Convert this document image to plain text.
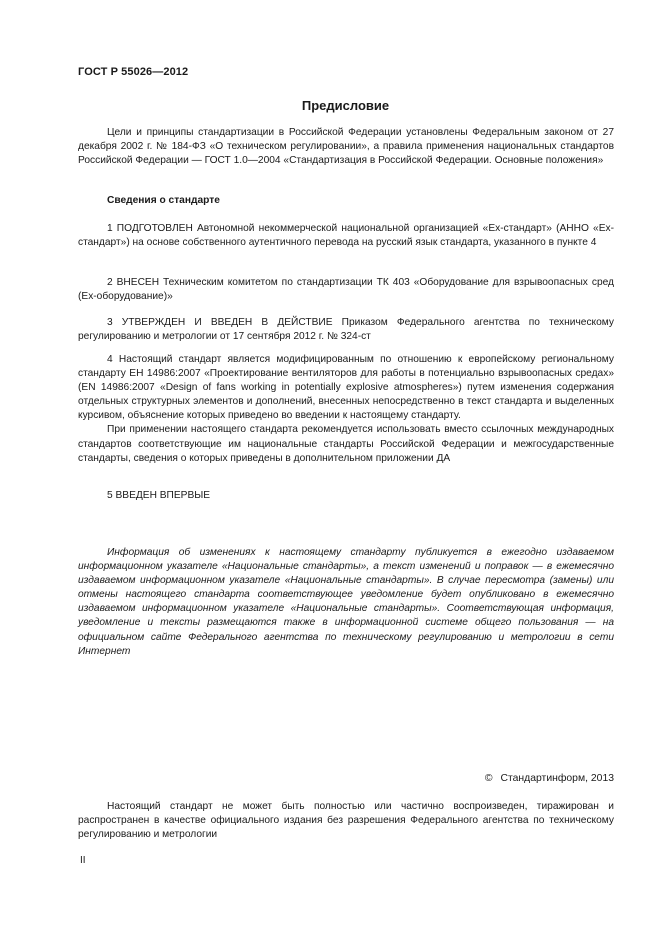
ГОСТ Р 55026—2012
Предисловие

Цели и принципы стандартизации в Российской Федерации установлены Федеральным законом от 27 декабря 2002 г. № 184-ФЗ «О техническом регулировании», а правила применения национальных стандартов Российской Федерации — ГОСТ 1.0—2004 «Стандартизация в Российской Федерации. Основные положения»

Сведения о стандарте

1 ПОДГОТОВЛЕН Автономной некоммерческой национальной организацией «Ех-стандарт» (АННО «Ех-стандарт») на основе собственного аутентичного перевода на русский язык стандарта, указанного в пункте 4

2 ВНЕСЕН Техническим комитетом по стандартизации ТК 403 «Оборудование для взрывоопасных сред (Ех-оборудование)»

3 УТВЕРЖДЕН И ВВЕДЕН В ДЕЙСТВИЕ Приказом Федерального агентства по техническому регулированию и метрологии от 17 сентября 2012 г. № 324-ст

4 Настоящий стандарт является модифицированным по отношению к европейскому региональному стандарту ЕН 14986:2007 «Проектирование вентиляторов для работы в потенциально взрывоопасных средах» (EN 14986:2007 «Design of fans working in potentially explosive atmospheres») путем изменения содержания отдельных структурных элементов и дополнений, внесенных непосредственно в текст стандарта и выделенных курсивом, объяснение которых приведено во введении к настоящему стандарту.

При применении настоящего стандарта рекомендуется использовать вместо ссылочных международных стандартов соответствующие им национальные стандарты Российской Федерации и межгосударственные стандарты, сведения о которых приведены в дополнительном приложении ДА

5 ВВЕДЕН ВПЕРВЫЕ

Информация об изменениях к настоящему стандарту публикуется в ежегодно издаваемом информационном указателе «Национальные стандарты», а текст изменений и поправок — в ежемесячно издаваемом информационном указателе «Национальные стандарты». В случае пересмотра (замены) или отмены настоящего стандарта соответствующее уведомление будет опубликовано в ежемесячно издаваемом информационном указателе «Национальные стандарты». Соответствующая информация, уведомление и тексты размещаются также в информационной системе общего пользования — на официальном сайте Федерального агентства по техническому регулированию и метрологии в сети Интернет

© Стандартинформ, 2013

Настоящий стандарт не может быть полностью или частично воспроизведен, тиражирован и распространен в качестве официального издания без разрешения Федерального агентства по техническому регулированию и метрологии

II
